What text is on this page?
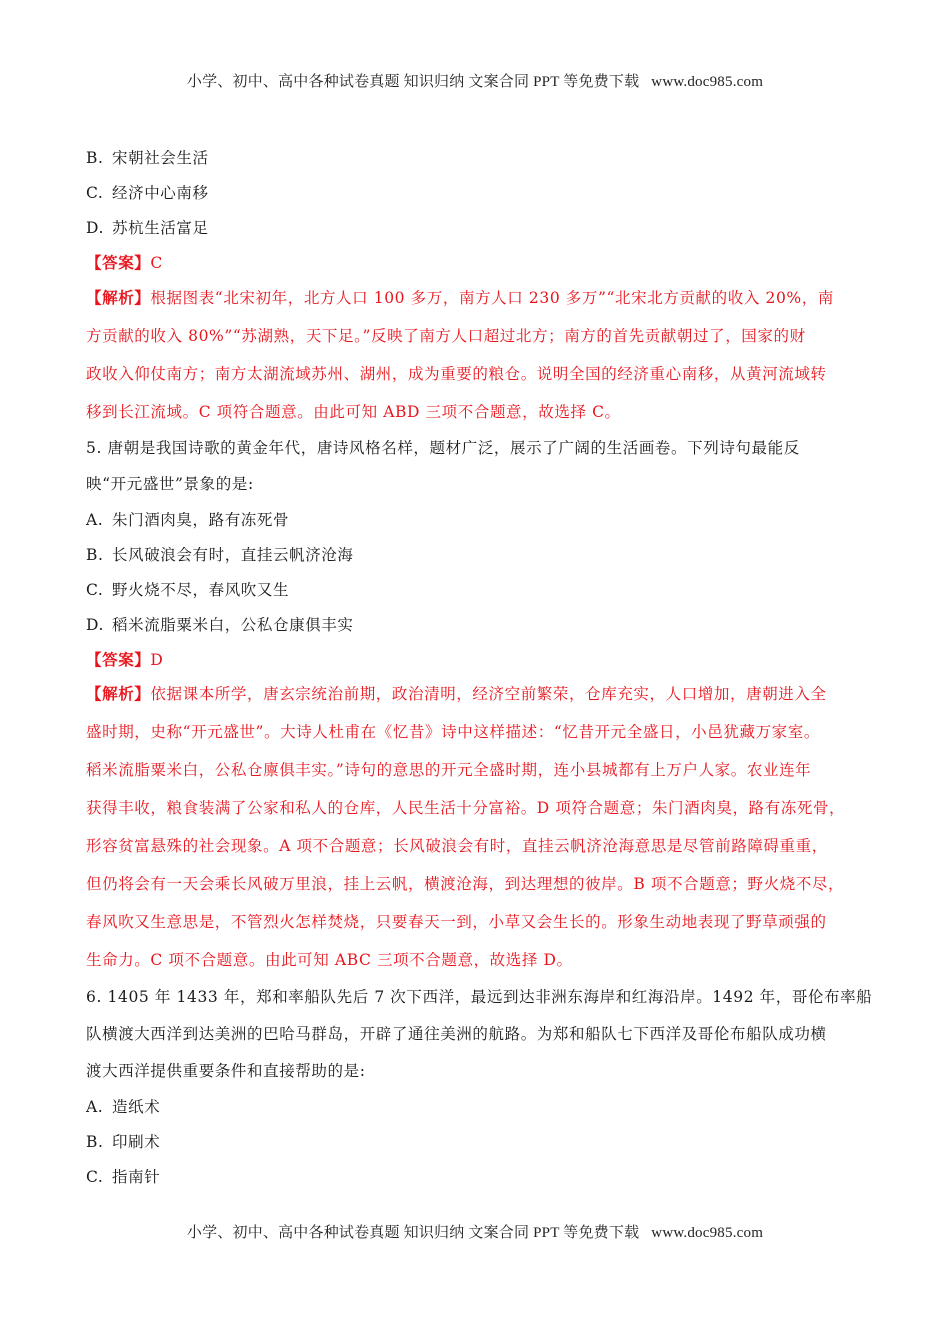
小学、初中、高中各种试卷真题 知识归纳 文案合同 PPT 等免费下载 www.doc985.com
B. 宋朝社会生活
C. 经济中心南移
D. 苏杭生活富足
【答案】C
【解析】根据图表“北宋初年，北方人口 100 多万，南方人口 230 多万”“北宋北方贡献的收入 20%，南
方贡献的收入 80%”“苏湖熟，天下足。”反映了南方人口超过北方；南方的首先贡献朝过了，国家的财
政收入仰仗南方；南方太湖流域苏州、湖州，成为重要的粮仓。说明全国的经济重心南移，从黄河流域转
移到长江流域。C 项符合题意。由此可知 ABD 三项不合题意，故选择 C。
5. 唐朝是我国诗歌的黄金年代，唐诗风格名样，题材广泛，展示了广阔的生活画卷。下列诗句最能反
映“开元盛世”景象的是:
A. 朱门酒肉臭，路有冻死骨
B. 长风破浪会有时，直挂云帆济沧海
C. 野火烧不尽，春风吹又生
D. 稻米流脂粟米白，公私仓康俱丰实
【答案】D
【解析】依据课本所学，唐玄宗统治前期，政治清明，经济空前繁荣，仓库充实，人口增加，唐朝进入全
盛时期，史称“开元盛世”。大诗人杜甫在《忆昔》诗中这样描述：“忆昔开元全盛日，小邑犹藏万家室。
稻米流脂粟米白，公私仓廪俱丰实。”诗句的意思的开元全盛时期，连小县城都有上万户人家。农业连年
获得丰收，粮食装满了公家和私人的仓库，人民生活十分富裕。D 项符合题意；朱门酒肉臭，路有冻死骨，
形容贫富悬殊的社会现象。A 项不合题意；长风破浪会有时，直挂云帆济沧海意思是尽管前路障碍重重，
但仍将会有一天会乘长风破万里浪，挂上云帆，横渡沧海，到达理想的彼岸。B 项不合题意；野火烧不尽，
春风吹又生意思是，不管烈火怎样焚烧，只要春天一到，小草又会生长的。形象生动地表现了野草顽强的
生命力。C 项不合题意。由此可知 ABC 三项不合题意，故选择 D。
6. 1405 年 1433 年，郑和率船队先后 7 次下西洋，最远到达非洲东海岸和红海沿岸。1492 年，哥伦布率船
队横渡大西洋到达美洲的巴哈马群岛，开辟了通往美洲的航路。为郑和船队七下西洋及哥伦布船队成功横
渡大西洋提供重要条件和直接帮助的是:
A. 造纸术
B. 印刷术
C. 指南针
小学、初中、高中各种试卷真题 知识归纳 文案合同 PPT 等免费下载 www.doc985.com
